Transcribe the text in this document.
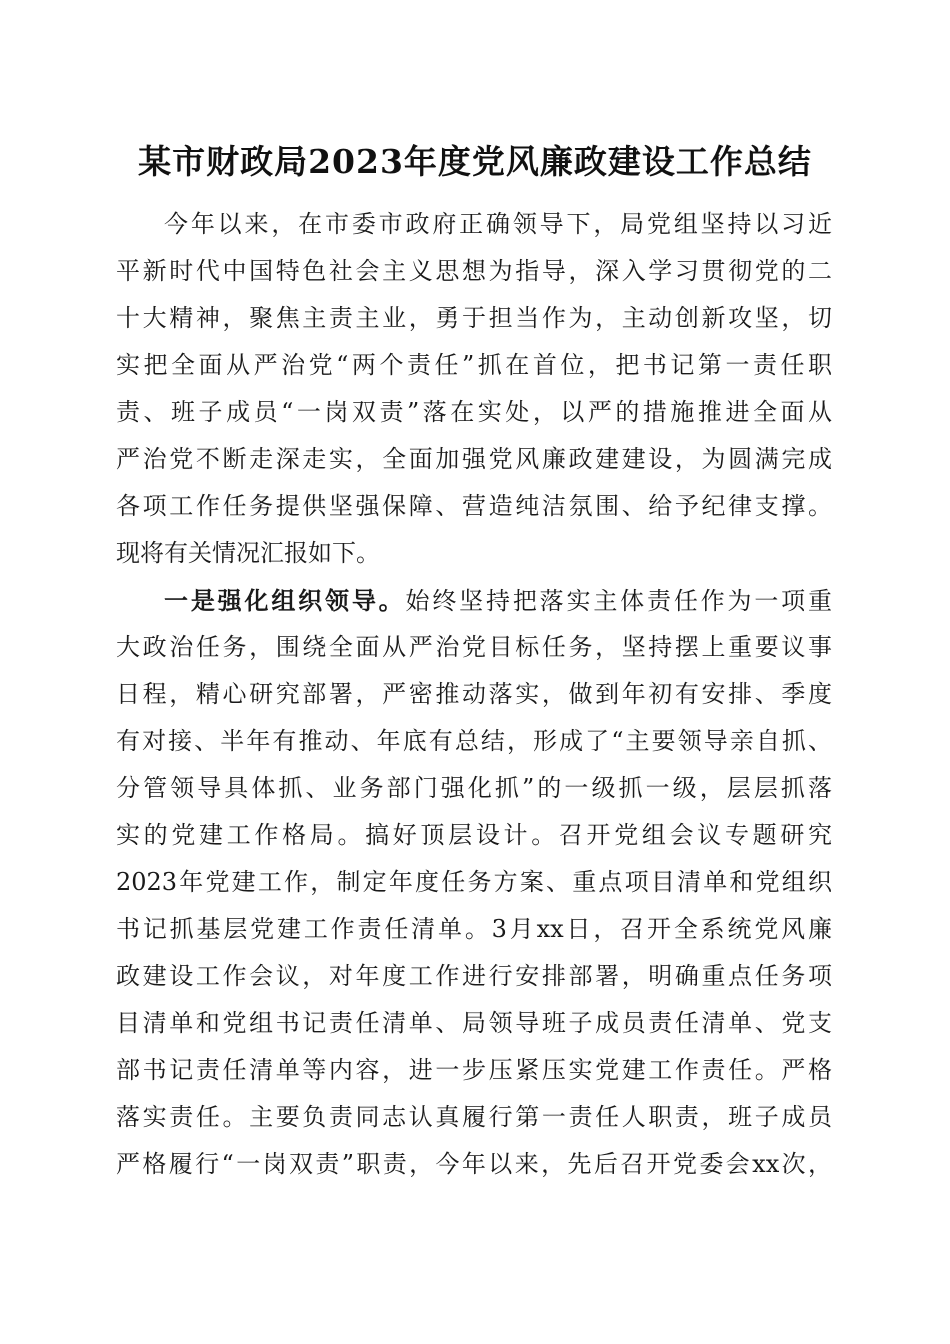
某市财政局2023年度党风廉政建设工作总结
今年以来，在市委市政府正确领导下，局党组坚持以习近
平新时代中国特色社会主义思想为指导，深入学习贯彻党的二
十大精神，聚焦主责主业，勇于担当作为，主动创新攻坚，切
实把全面从严治党“两个责任”抓在首位，把书记第一责任职
责、班子成员“一岗双责”落在实处，以严的措施推进全面从
严治党不断走深走实，全面加强党风廉政建建设，为圆满完成
各项工作任务提供坚强保障、营造纯洁氛围、给予纪律支撑。
现将有关情况汇报如下。
一是强化组织领导。始终坚持把落实主体责任作为一项重
大政治任务，围绕全面从严治党目标任务，坚持摆上重要议事
日程，精心研究部署，严密推动落实，做到年初有安排、季度
有对接、半年有推动、年底有总结，形成了“主要领导亲自抓、
分管领导具体抓、业务部门强化抓”的一级抓一级，层层抓落
实的党建工作格局。搞好顶层设计。召开党组会议专题研究
2023年党建工作，制定年度任务方案、重点项目清单和党组织
书记抓基层党建工作责任清单。3月xx日，召开全系统党风廉
政建设工作会议，对年度工作进行安排部署，明确重点任务项
目清单和党组书记责任清单、局领导班子成员责任清单、党支
部书记责任清单等内容，进一步压紧压实党建工作责任。严格
落实责任。主要负责同志认真履行第一责任人职责，班子成员
严格履行“一岗双责”职责，今年以来，先后召开党委会xx次，
